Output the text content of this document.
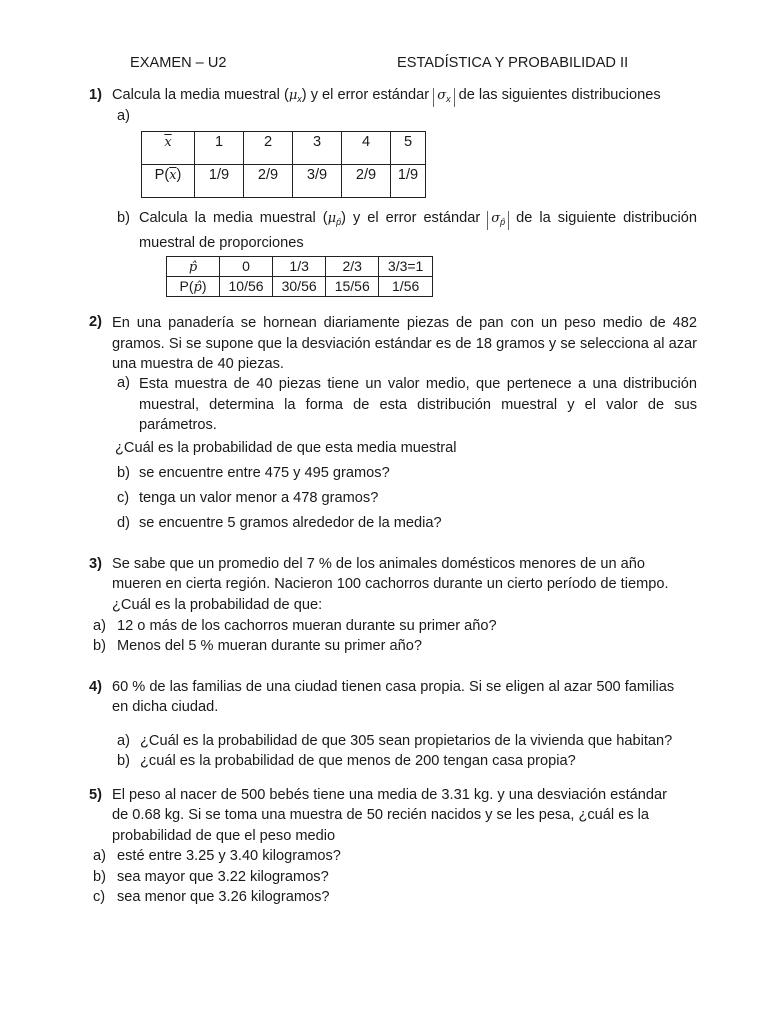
EXAMEN – U2	ESTADÍSTICA Y PROBABILIDAD II
1) Calcula la media muestral $(\mu_x)$ y el error estándar $\sigma_x$ de las siguientes distribuciones
a)
$\overline{x}$	1	2	3	4	5
$P(\overline{x})$	1/9	2/9	3/9	2/9	1/9
b) Calcula la media muestral $(\mu_{p̂})$ y el error estándar $\sigma_{p̂}$ de la siguiente distribución muestral de proporciones
p̂	0	1/3	2/3	3/3=1
P(p̂)	10/56	30/56	15/56	1/56
2) En una panadería se hornean diariamente piezas de pan con un peso medio de 482 gramos. Si se supone que la desviación estándar es de 18 gramos y se selecciona al azar una muestra de 40 piezas.
a) Esta muestra de 40 piezas tiene un valor medio, que pertenece a una distribución muestral, determina la forma de esta distribución muestral y el valor de sus parámetros.
¿Cuál es la probabilidad de que esta media muestral
b) se encuentre entre 475 y 495 gramos?
c) tenga un valor menor a 478 gramos?
d) se encuentre 5 gramos alrededor de la media?
3) Se sabe que un promedio del 7 % de los animales domésticos menores de un año
mueren en cierta región. Nacieron 100 cachorros durante un cierto período de tiempo.
¿Cuál es la probabilidad de que:
a) 12 o más de los cachorros mueran durante su primer año?
b) Menos del 5 % mueran durante su primer año?
4) 60 % de las familias de una ciudad tienen casa propia. Si se eligen al azar 500 familias
en dicha ciudad.
a) ¿Cuál es la probabilidad de que 305 sean propietarios de la vivienda que habitan?
b) ¿cuál es la probabilidad de que menos de 200 tengan casa propia?
5) El peso al nacer de 500 bebés tiene una media de 3.31 kg. y una desviación estándar
de 0.68 kg. Si se toma una muestra de 50 recién nacidos y se les pesa, ¿cuál es la
probabilidad de que el peso medio
a) esté entre 3.25 y 3.40 kilogramos?
b) sea mayor que 3.22 kilogramos?
c) sea menor que 3.26 kilogramos?
